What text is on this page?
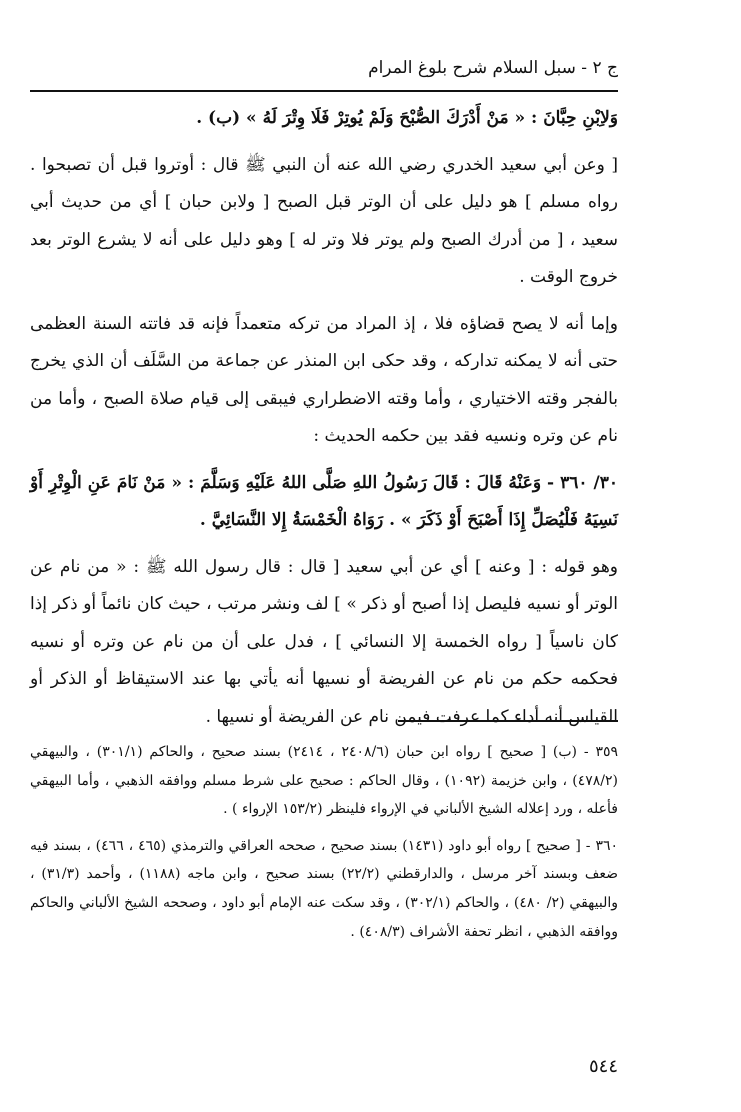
ج ٢ - سبل السلام شرح بلوغ المرام

وَلاِبْنِ حِبَّانَ : « مَنْ أَدْرَكَ الصُّبْحَ وَلَمْ يُوتِرْ فَلَا وِتْرَ لَهُ » (ب) .

[ وعن أبي سعيد الخدري رضي الله عنه أن النبي ﷺ قال : أوتروا قبل أن تصبحوا . رواه مسلم ] هو دليل على أن الوتر قبل الصبح [ ولابن حبان ] أي من حديث أبي سعيد ، [ من أدرك الصبح ولم يوتر فلا وتر له ] وهو دليل على أنه لا يشرع الوتر بعد خروج الوقت .

وإما أنه لا يصح قضاؤه فلا ، إذ المراد من تركه متعمداً فإنه قد فاتته السنة العظمى حتى أنه لا يمكنه تداركه ، وقد حكى ابن المنذر عن جماعة من السَّلَف أن الذي يخرج بالفجر وقته الاختياري ، وأما وقته الاضطراري فيبقى إلى قيام صلاة الصبح ، وأما من نام عن وتره ونسيه فقد بين حكمه الحديث :

٣٠/ ٣٦٠ - وَعَنْهُ قَالَ : قَالَ رَسُولُ اللهِ صَلَّى اللهُ عَلَيْهِ وَسَلَّمَ : « مَنْ نَامَ عَنِ الْوِتْرِ أَوْ نَسِيَهُ فَلْيُصَلِّ إِذَا أَصْبَحَ أَوْ ذَكَرَ » . رَوَاهُ الْخَمْسَةُ إِلا النَّسَائِيَّ .

وهو قوله : [ وعنه ] أي عن أبي سعيد [ قال : قال رسول الله ﷺ : « من نام عن الوتر أو نسيه فليصل إذا أصبح أو ذكر » ] لف ونشر مرتب ، حيث كان نائماً أو ذكر إذا كان ناسياً [ رواه الخمسة إلا النسائي ] ، فدل على أن من نام عن وتره أو نسيه فحكمه حكم من نام عن الفريضة أو نسيها أنه يأتي بها عند الاستيقاظ أو الذكر أو القياس أنه أداء كما عرفت فيمن نام عن الفريضة أو نسيها .

٣٥٩ - (ب) [ صحيح ] رواه ابن حبان (٢٤٠٨/٦ ، ٢٤١٤) بسند صحيح ، والحاكم (٣٠١/١) ، والبيهقي (٤٧٨/٢) ، وابن خزيمة (١٠٩٢) ، وقال الحاكم : صحيح على شرط مسلم ووافقه الذهبي ، وأما البيهقي فأعله ، ورد إعلاله الشيخ الألباني في الإرواء فلينظر (١٥٣/٢ الإرواء ) .

٣٦٠ - [ صحيح ] رواه أبو داود (١٤٣١) بسند صحيح ، صححه العراقي والترمذي (٤٦٥ ، ٤٦٦) ، بسند فيه ضعف وبسند آخر مرسل ، والدارقطني (٢٢/٢) بسند صحيح ، وابن ماجه (١١٨٨) ، وأحمد (٣١/٣) ، والبيهقي (٢/ ٤٨٠) ، والحاكم (٣٠٢/١) ، وقد سكت عنه الإمام أبو داود ، وصححه الشيخ الألباني والحاكم ووافقه الذهبي ، انظر تحفة الأشراف (٤٠٨/٣) .

٥٤٤
